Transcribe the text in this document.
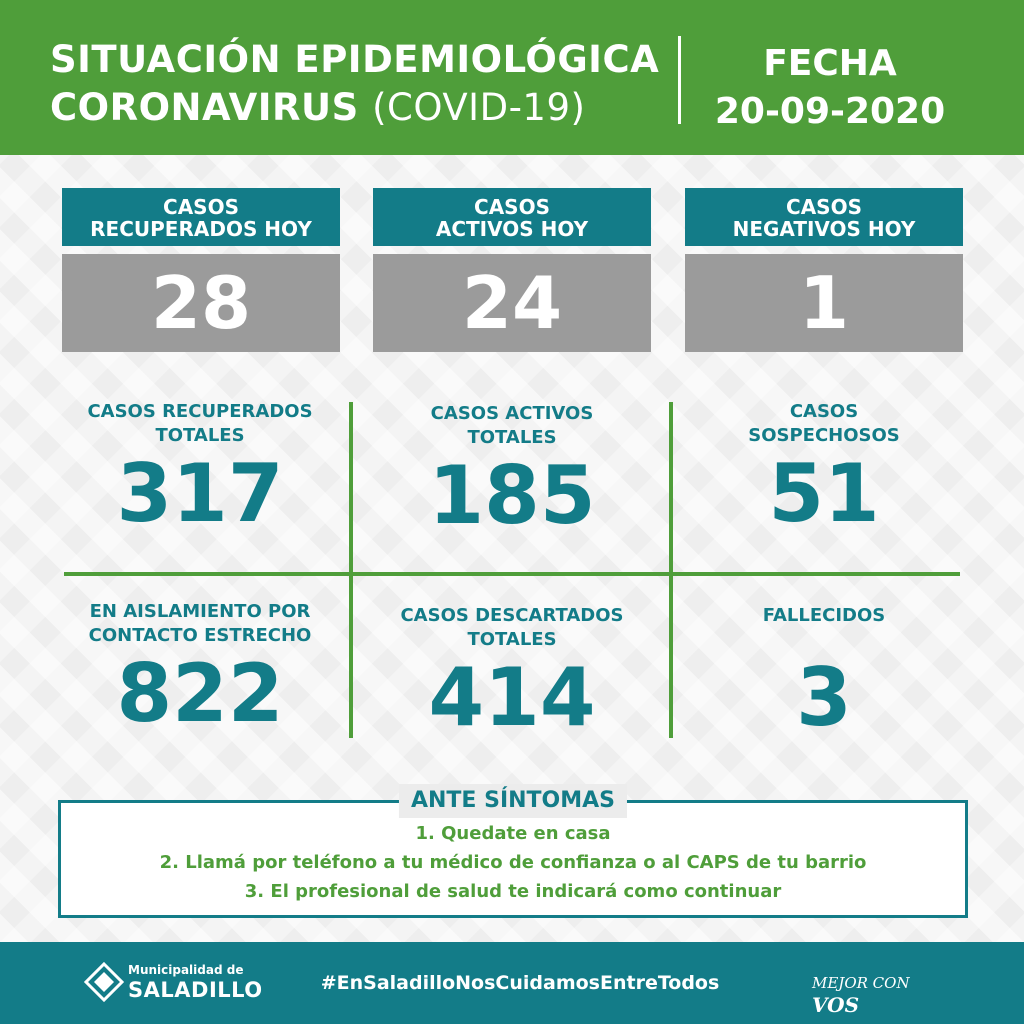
SITUACIÓN EPIDEMIOLÓGICA
CORONAVIRUS (COVID-19)
FECHA
20-09-2020
CASOS
RECUPERADOS HOY
28
CASOS
ACTIVOS HOY
24
CASOS
NEGATIVOS HOY
1
CASOS RECUPERADOS
TOTALES
317
CASOS ACTIVOS
TOTALES
185
CASOS
SOSPECHOSOS
51
EN AISLAMIENTO POR
CONTACTO ESTRECHO
822
CASOS DESCARTADOS
TOTALES
414
FALLECIDOS
3
ANTE SÍNTOMAS
1. Quedate en casa
2. Llamá por teléfono a tu médico de confianza o al CAPS de tu barrio
3. El profesional de salud te indicará como continuar
Municipalidad de
SALADILLO	#EnSaladilloNosCuidamosEntreTodos	MEJOR CON VOS
